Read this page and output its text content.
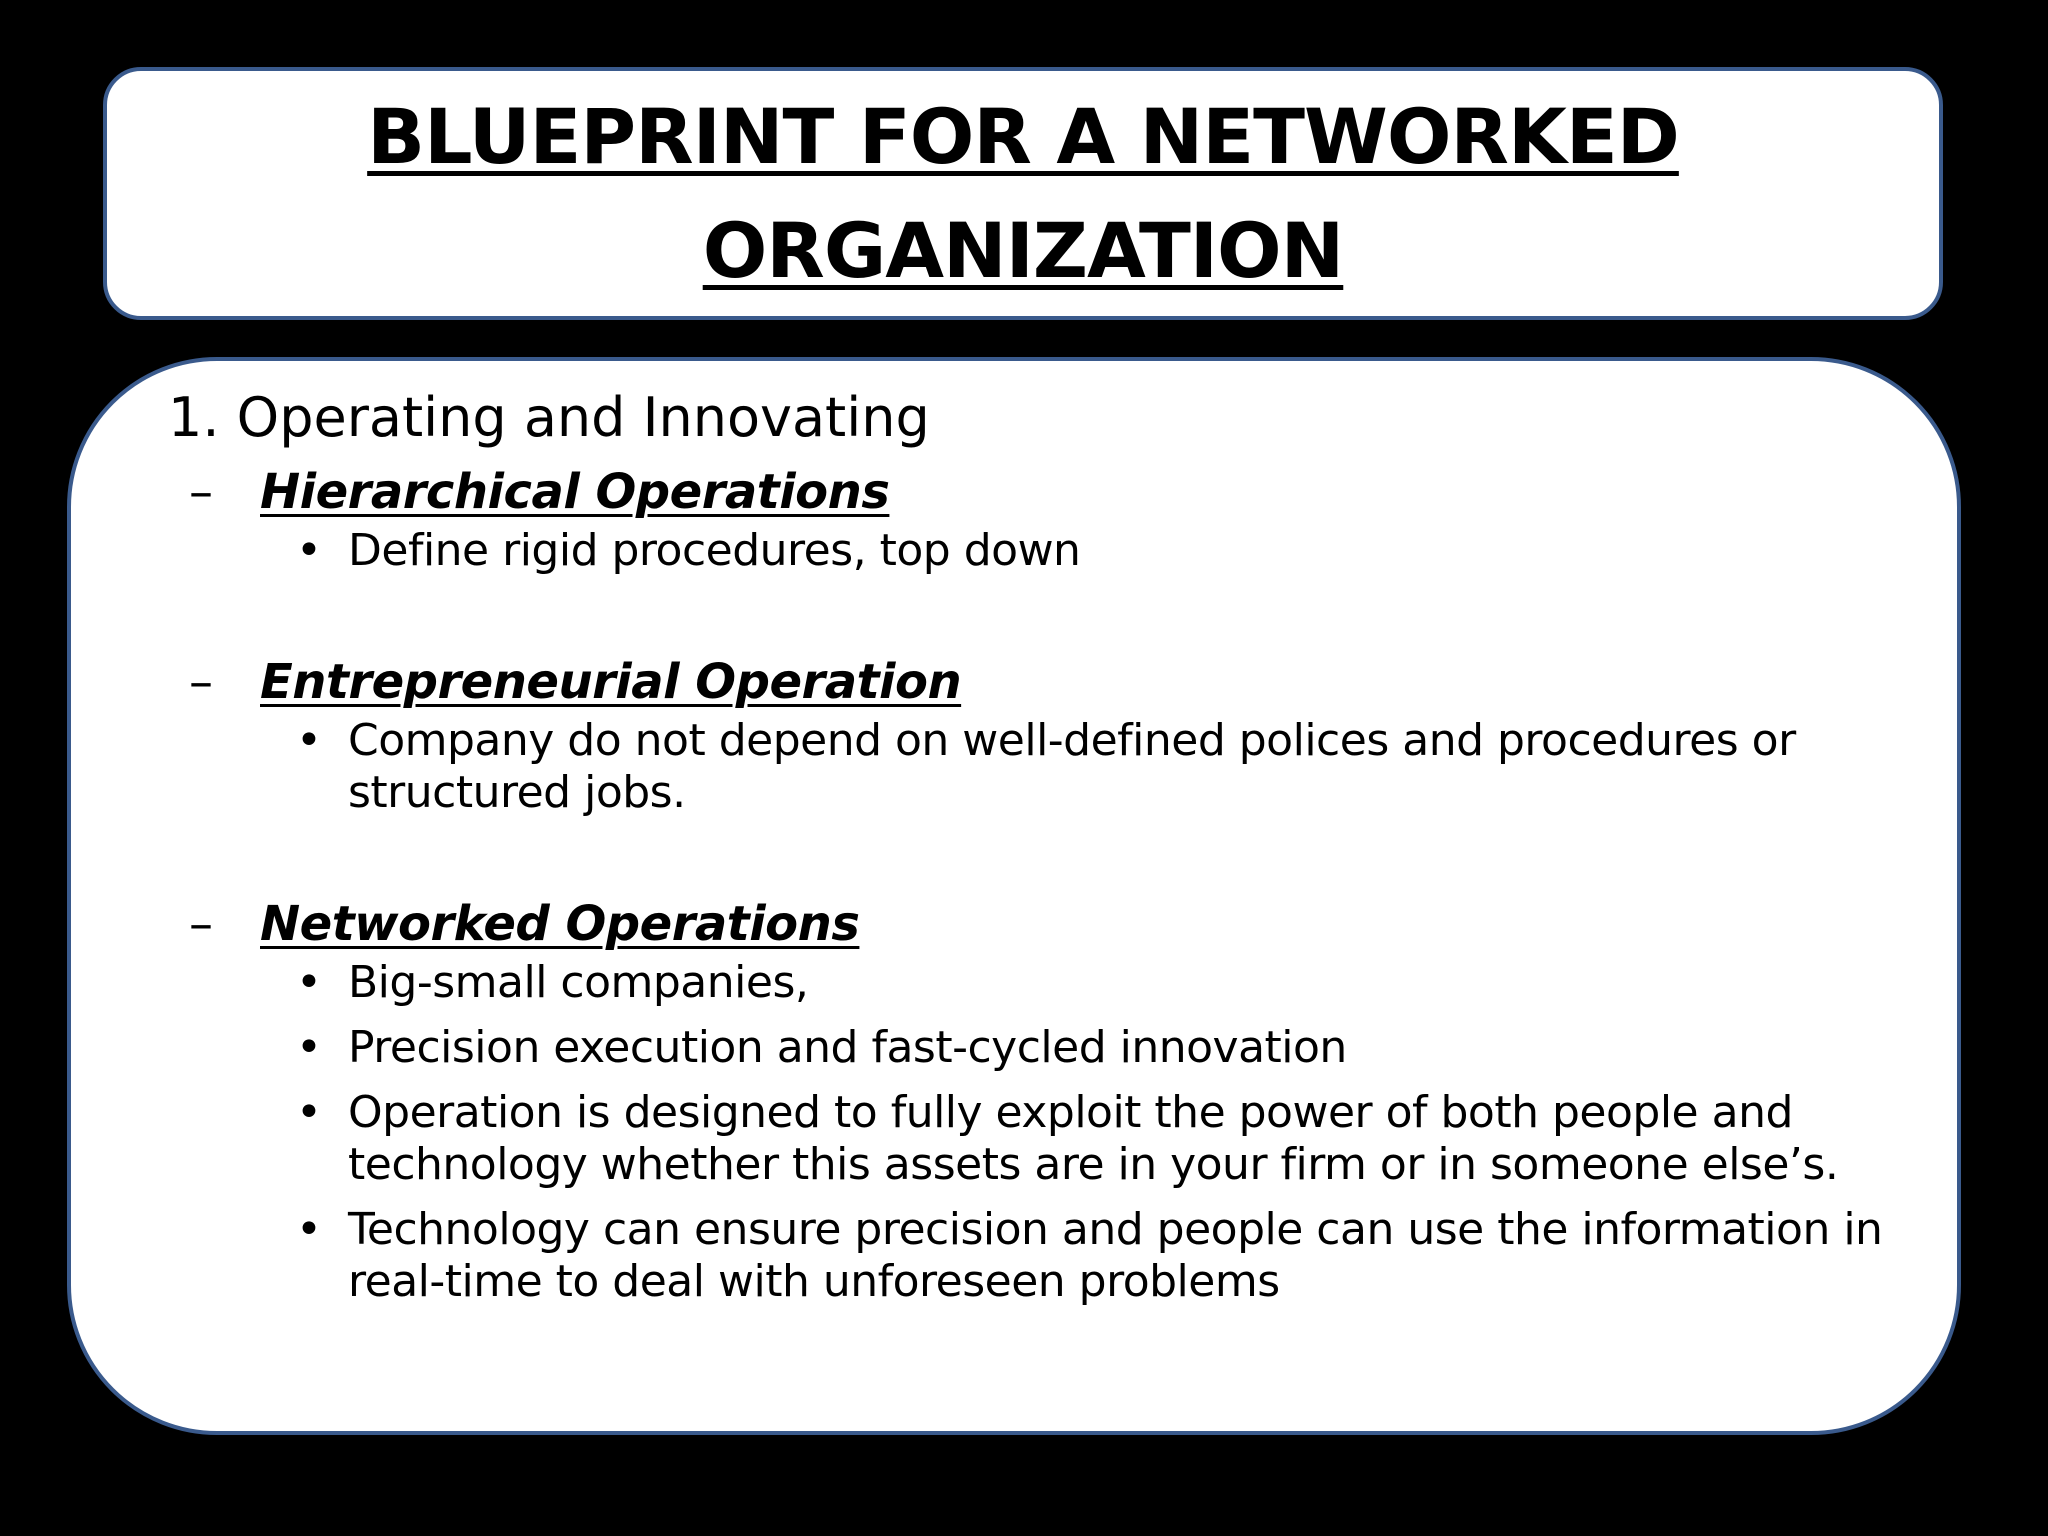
BLUEPRINT FOR A NETWORKED
ORGANIZATION

1. Operating and Innovating

– Hierarchical Operations

• Define rigid procedures, top down

– Entrepreneurial Operation

• Company do not depend on well-defined polices and procedures or structured jobs.

– Networked Operations

• Big-small companies,
• Precision execution and fast-cycled innovation
• Operation is designed to fully exploit the power of both people and technology whether this assets are in your firm or in someone else’s.
• Technology can ensure precision and people can use the information in real-time to deal with unforeseen problems
